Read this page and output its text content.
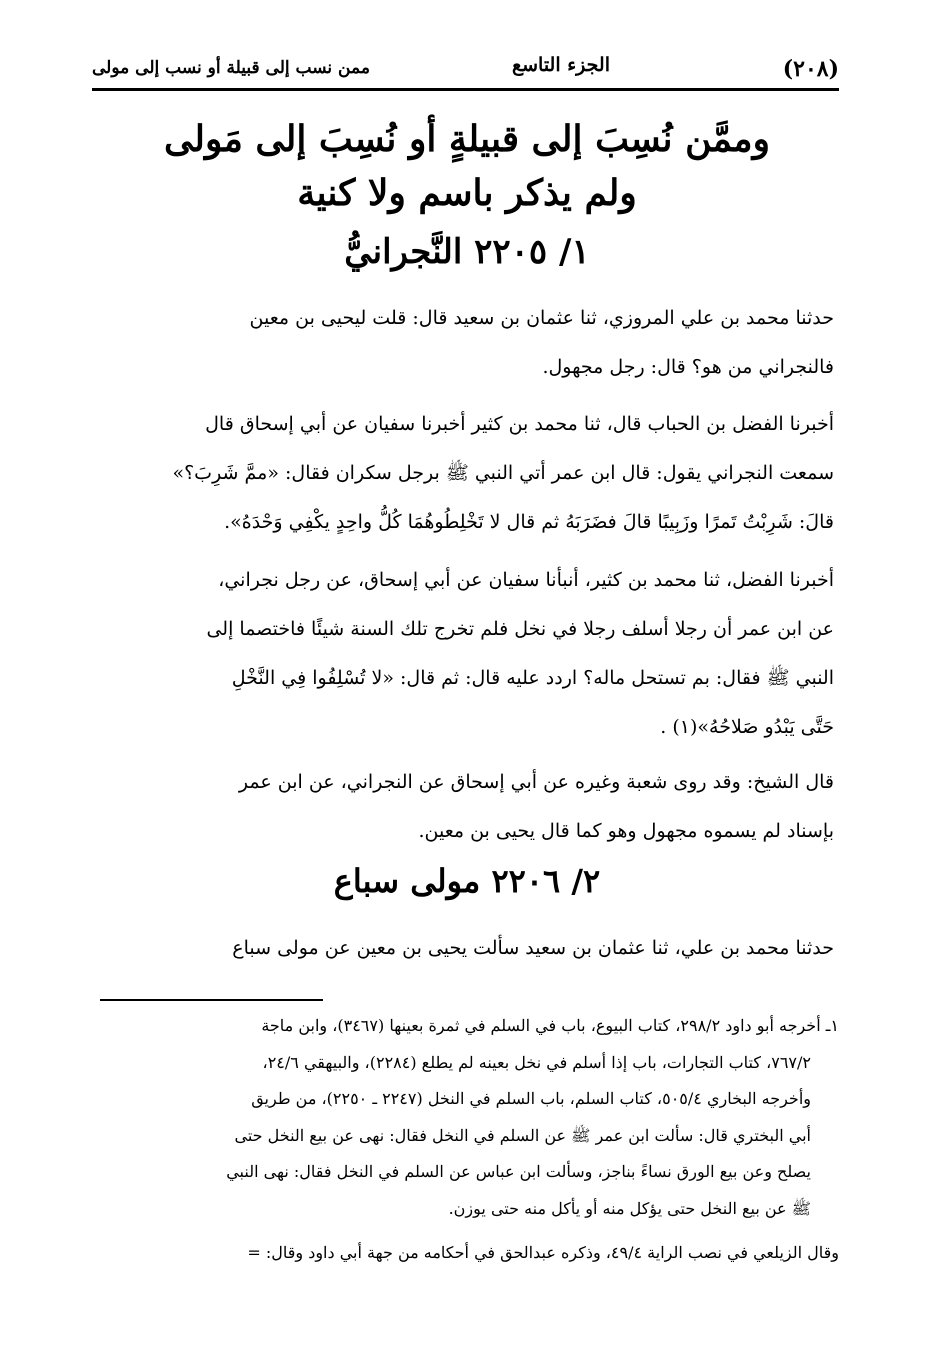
(٢٠٨)
الجزء التاسع
ممن نسب إلى قبيلة أو نسب إلى مولى
وممَّن نُسِبَ إلى قبيلةٍ أو نُسِبَ إلى مَولى
ولم يذكر باسم ولا كنية
١/ ٢٢٠٥ النَّجرانيُّ
حدثنا محمد بن علي المروزي، ثنا عثمان بن سعيد قال: قلت ليحيى بن معين
فالنجراني من هو؟ قال: رجل مجهول.
أخبرنا الفضل بن الحباب قال، ثنا محمد بن كثير أخبرنا سفيان عن أبي إسحاق قال
سمعت النجراني يقول: قال ابن عمر أتي النبي ﷺ برجل سكران فقال: «ممَّ شَرِبَ؟»
قالَ: شَرِبْتُ تَمرًا وزَبِيبًا قالَ فضَرَبَهُ ثم قال لا تَخْلِطُوهُمَا كُلُّ واحِدٍ يكْفِي وَحْدَهُ».
أخبرنا الفضل، ثنا محمد بن كثير، أنبأنا سفيان عن أبي إسحاق، عن رجل نجراني،
عن ابن عمر أن رجلا أسلف رجلا في نخل فلم تخرج تلك السنة شيئًا فاختصما إلى
النبي ﷺ فقال: بم تستحل ماله؟ اردد عليه قال: ثم قال: «لا تُسْلِفُوا فِي النَّخْلِ
حَتَّى يَبْدُو صَلاحُهُ»(١) .
قال الشيخ: وقد روى شعبة وغيره عن أبي إسحاق عن النجراني، عن ابن عمر
بإسناد لم يسموه مجهول وهو كما قال يحيى بن معين.
٢/ ٢٢٠٦ مولى سباع
حدثنا محمد بن علي، ثنا عثمان بن سعيد سألت يحيى بن معين عن مولى سباع
١ـ أخرجه أبو داود ٢٩٨/٢، كتاب البيوع، باب في السلم في ثمرة بعينها (٣٤٦٧)، وابن ماجة
٧٦٧/٢، كتاب التجارات، باب إذا أسلم في نخل بعينه لم يطلع (٢٢٨٤)، والبيهقي ٢٤/٦،
وأخرجه البخاري ٥٠٥/٤، كتاب السلم، باب السلم في النخل (٢٢٤٧ ـ ٢٢٥٠)، من طريق
أبي البختري قال: سألت ابن عمر ﷺ عن السلم في النخل فقال: نهى عن بيع النخل حتى
يصلح وعن بيع الورق نساءً بناجز، وسألت ابن عباس عن السلم في النخل فقال: نهى النبي
ﷺ عن بيع النخل حتى يؤكل منه أو يأكل منه حتى يوزن.
وقال الزيلعي في نصب الراية ٤٩/٤، وذكره عبدالحق في أحكامه من جهة أبي داود وقال: =
